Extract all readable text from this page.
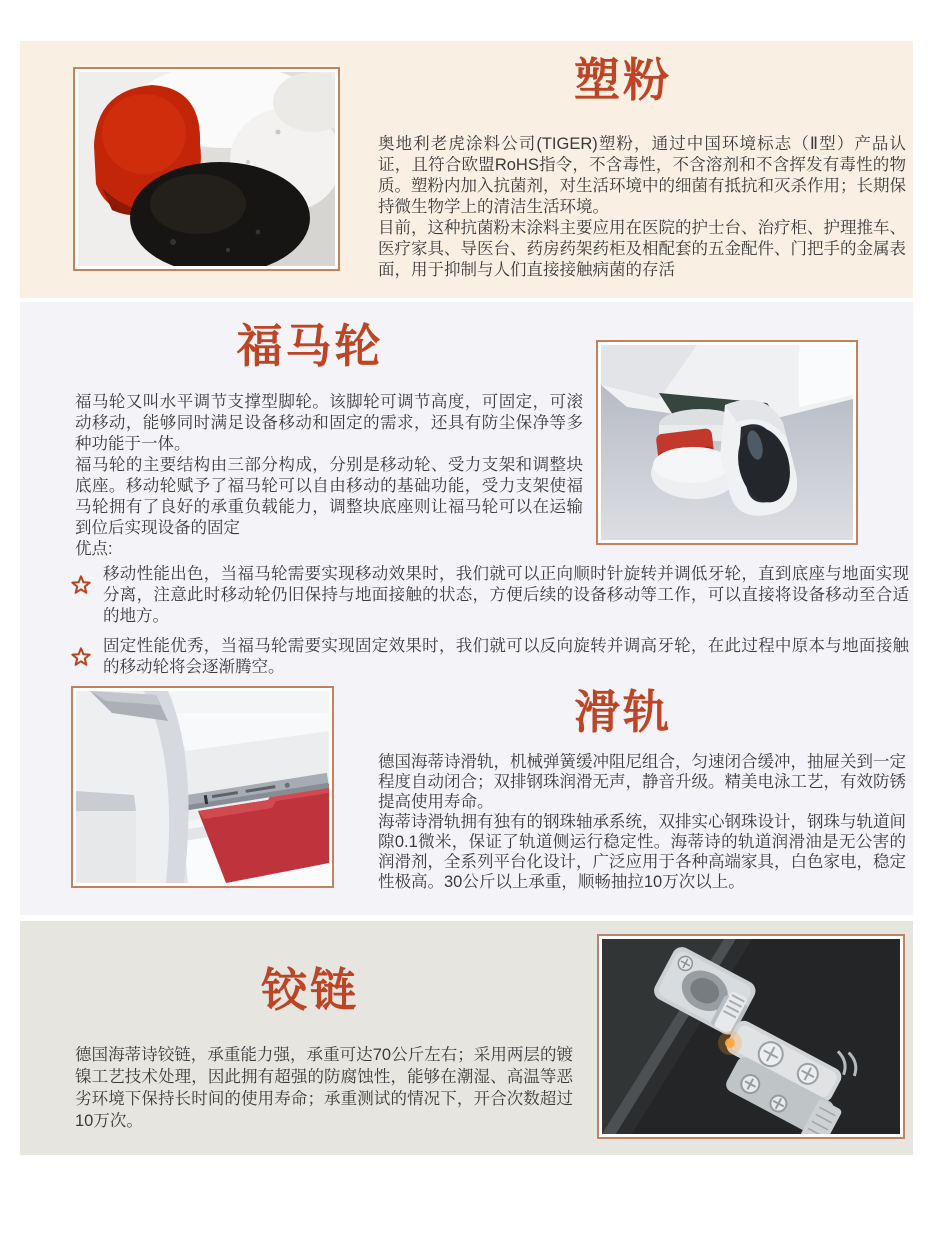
塑粉

奥地利老虎涂料公司(TIGER)塑粉，通过中国环境标志（Ⅱ型）产品认证，且符合欧盟RoHS指令，不含毒性，不含溶剂和不含挥发有毒性的物质。塑粉内加入抗菌剂，对生活环境中的细菌有抵抗和灭杀作用；长期保持微生物学上的清洁生活环境。

目前，这种抗菌粉末涂料主要应用在医院的护士台、治疗柜、护理推车、医疗家具、导医台、药房药架药柜及相配套的五金配件、门把手的金属表面，用于抑制与人们直接接触病菌的存活

福马轮

福马轮又叫水平调节支撑型脚轮。该脚轮可调节高度，可固定，可滚动移动，能够同时满足设备移动和固定的需求，还具有防尘保净等多种功能于一体。

福马轮的主要结构由三部分构成，分别是移动轮、受力支架和调整块底座。移动轮赋予了福马轮可以自由移动的基础功能，受力支架使福马轮拥有了良好的承重负载能力，调整块底座则让福马轮可以在运输到位后实现设备的固定

优点:

移动性能出色，当福马轮需要实现移动效果时，我们就可以正向顺时针旋转并调低牙轮，直到底座与地面实现分离，注意此时移动轮仍旧保持与地面接触的状态，方便后续的设备移动等工作，可以直接将设备移动至合适的地方。
固定性能优秀，当福马轮需要实现固定效果时，我们就可以反向旋转并调高牙轮，在此过程中原本与地面接触的移动轮将会逐渐腾空。
滑轨

德国海蒂诗滑轨，机械弹簧缓冲阻尼组合，匀速闭合缓冲，抽屉关到一定程度自动闭合；双排钢珠润滑无声，静音升级。精美电泳工艺，有效防锈提高使用寿命。

海蒂诗滑轨拥有独有的钢珠轴承系统，双排实心钢珠设计，钢珠与轨道间隙0.1微米，保证了轨道侧运行稳定性。海蒂诗的轨道润滑油是无公害的润滑剂，全系列平台化设计，广泛应用于各种高端家具，白色家电，稳定性极高。30公斤以上承重，顺畅抽拉10万次以上。

铰链

德国海蒂诗铰链，承重能力强，承重可达70公斤左右；采用两层的镀镍工艺技术处理，因此拥有超强的防腐蚀性，能够在潮湿、高温等恶劣环境下保持长时间的使用寿命；承重测试的情况下，开合次数超过10万次。
